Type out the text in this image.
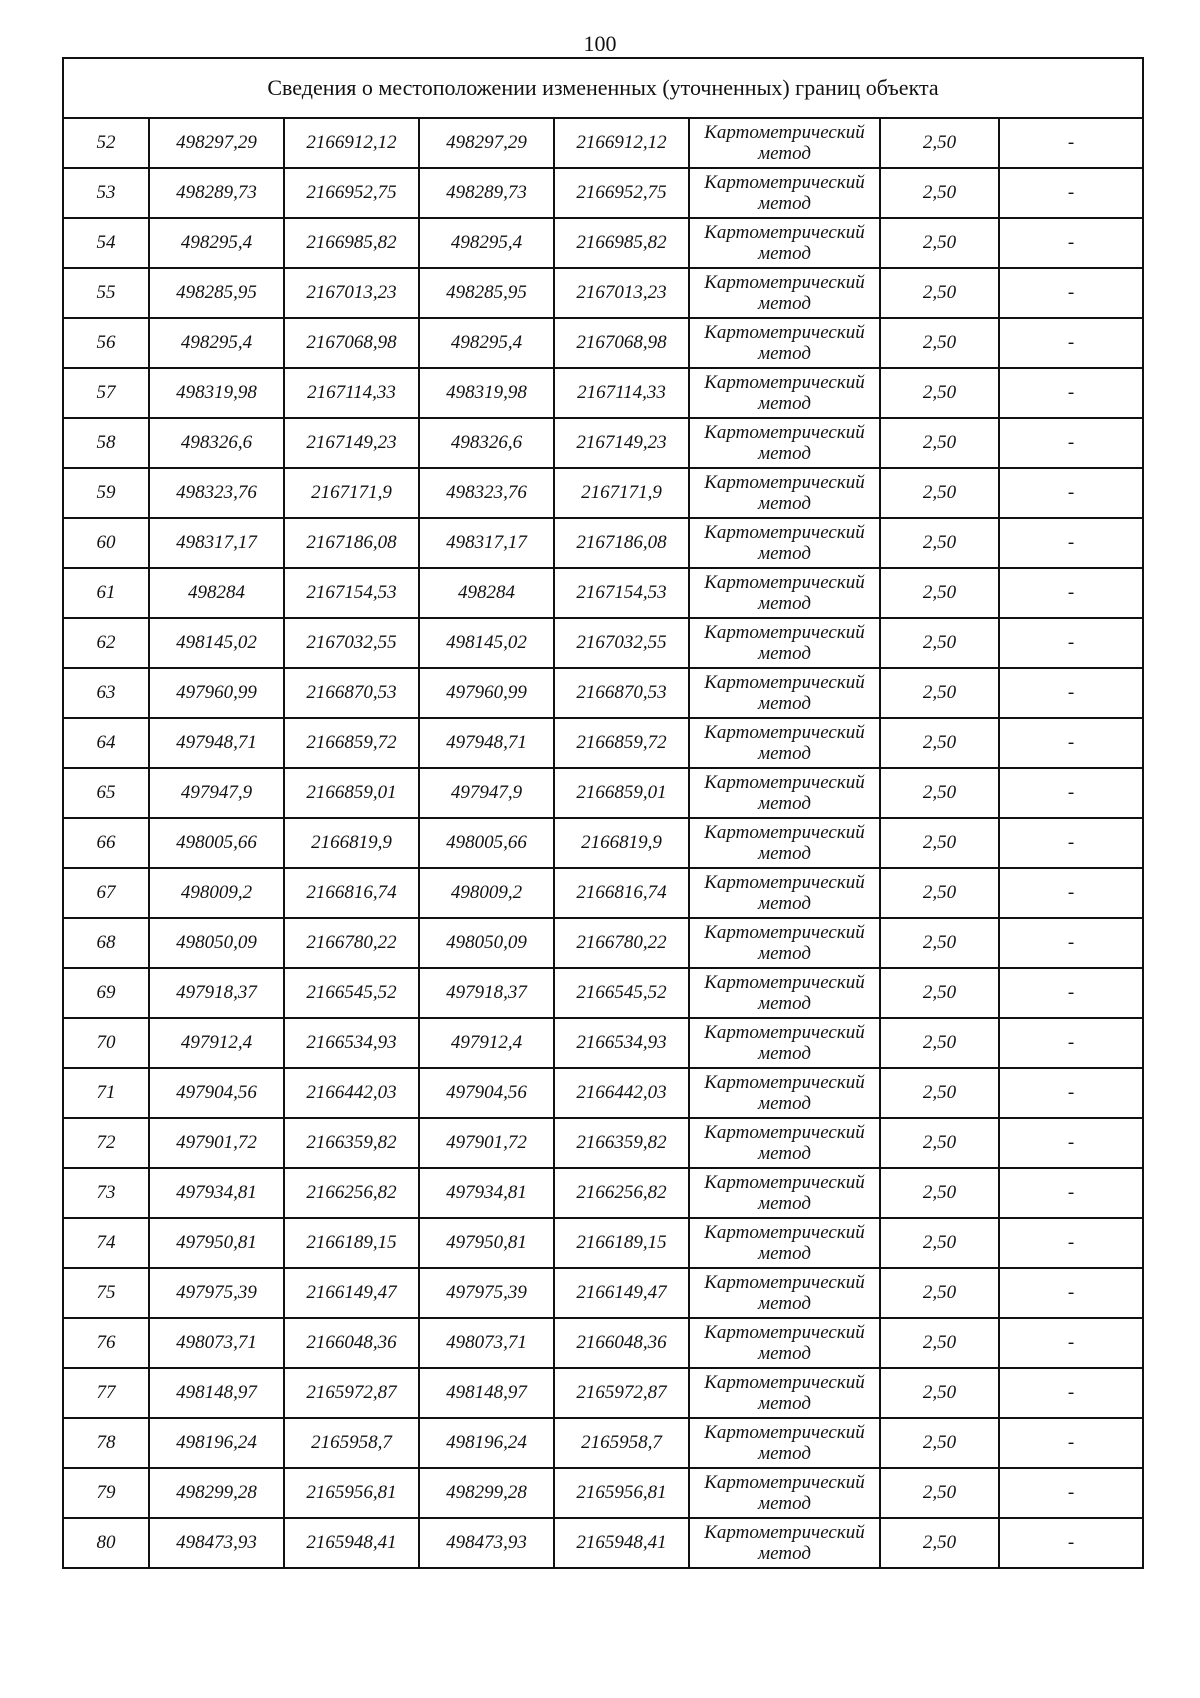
100
Сведения о местоположении измененных (уточненных) границ объекта							
52	498297,29	2166912,12	498297,29	2166912,12	Картометрический
метод	2,50	-
53	498289,73	2166952,75	498289,73	2166952,75	Картометрический
метод	2,50	-
54	498295,4	2166985,82	498295,4	2166985,82	Картометрический
метод	2,50	-
55	498285,95	2167013,23	498285,95	2167013,23	Картометрический
метод	2,50	-
56	498295,4	2167068,98	498295,4	2167068,98	Картометрический
метод	2,50	-
57	498319,98	2167114,33	498319,98	2167114,33	Картометрический
метод	2,50	-
58	498326,6	2167149,23	498326,6	2167149,23	Картометрический
метод	2,50	-
59	498323,76	2167171,9	498323,76	2167171,9	Картометрический
метод	2,50	-
60	498317,17	2167186,08	498317,17	2167186,08	Картометрический
метод	2,50	-
61	498284	2167154,53	498284	2167154,53	Картометрический
метод	2,50	-
62	498145,02	2167032,55	498145,02	2167032,55	Картометрический
метод	2,50	-
63	497960,99	2166870,53	497960,99	2166870,53	Картометрический
метод	2,50	-
64	497948,71	2166859,72	497948,71	2166859,72	Картометрический
метод	2,50	-
65	497947,9	2166859,01	497947,9	2166859,01	Картометрический
метод	2,50	-
66	498005,66	2166819,9	498005,66	2166819,9	Картометрический
метод	2,50	-
67	498009,2	2166816,74	498009,2	2166816,74	Картометрический
метод	2,50	-
68	498050,09	2166780,22	498050,09	2166780,22	Картометрический
метод	2,50	-
69	497918,37	2166545,52	497918,37	2166545,52	Картометрический
метод	2,50	-
70	497912,4	2166534,93	497912,4	2166534,93	Картометрический
метод	2,50	-
71	497904,56	2166442,03	497904,56	2166442,03	Картометрический
метод	2,50	-
72	497901,72	2166359,82	497901,72	2166359,82	Картометрический
метод	2,50	-
73	497934,81	2166256,82	497934,81	2166256,82	Картометрический
метод	2,50	-
74	497950,81	2166189,15	497950,81	2166189,15	Картометрический
метод	2,50	-
75	497975,39	2166149,47	497975,39	2166149,47	Картометрический
метод	2,50	-
76	498073,71	2166048,36	498073,71	2166048,36	Картометрический
метод	2,50	-
77	498148,97	2165972,87	498148,97	2165972,87	Картометрический
метод	2,50	-
78	498196,24	2165958,7	498196,24	2165958,7	Картометрический
метод	2,50	-
79	498299,28	2165956,81	498299,28	2165956,81	Картометрический
метод	2,50	-
80	498473,93	2165948,41	498473,93	2165948,41	Картометрический
метод	2,50	-
